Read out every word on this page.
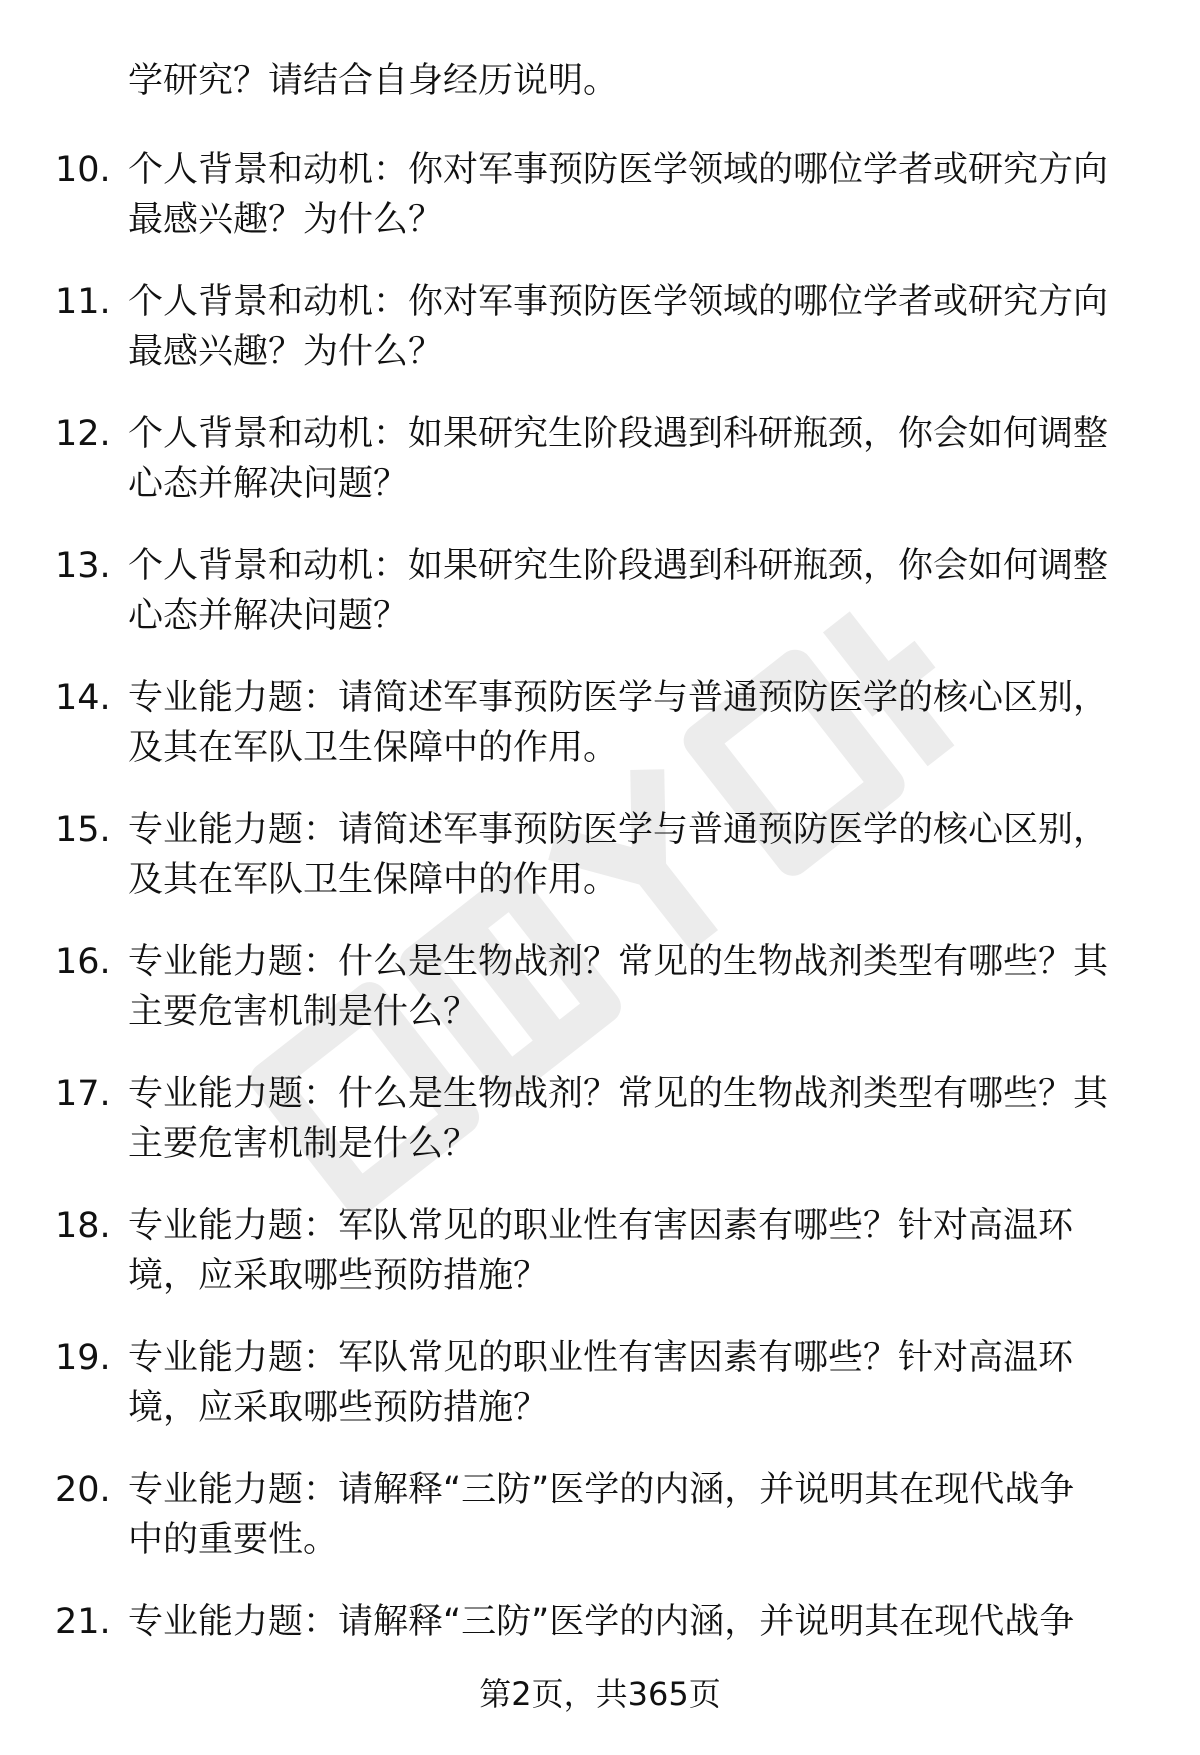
学研究？请结合自身经历说明。
10. 个人背景和动机：你对军事预防医学领域的哪位学者或研究方向
最感兴趣？为什么？
11. 个人背景和动机：你对军事预防医学领域的哪位学者或研究方向
最感兴趣？为什么？
12. 个人背景和动机：如果研究生阶段遇到科研瓶颈，你会如何调整
心态并解决问题？
13. 个人背景和动机：如果研究生阶段遇到科研瓶颈，你会如何调整
心态并解决问题？
14. 专业能力题：请简述军事预防医学与普通预防医学的核心区别，
及其在军队卫生保障中的作用。
15. 专业能力题：请简述军事预防医学与普通预防医学的核心区别，
及其在军队卫生保障中的作用。
16. 专业能力题：什么是生物战剂？常见的生物战剂类型有哪些？其
主要危害机制是什么？
17. 专业能力题：什么是生物战剂？常见的生物战剂类型有哪些？其
主要危害机制是什么？
18. 专业能力题：军队常见的职业性有害因素有哪些？针对高温环
境，应采取哪些预防措施？
19. 专业能力题：军队常见的职业性有害因素有哪些？针对高温环
境，应采取哪些预防措施？
20. 专业能力题：请解释“三防”医学的内涵，并说明其在现代战争
中的重要性。
21. 专业能力题：请解释“三防”医学的内涵，并说明其在现代战争
第2页，共365页
